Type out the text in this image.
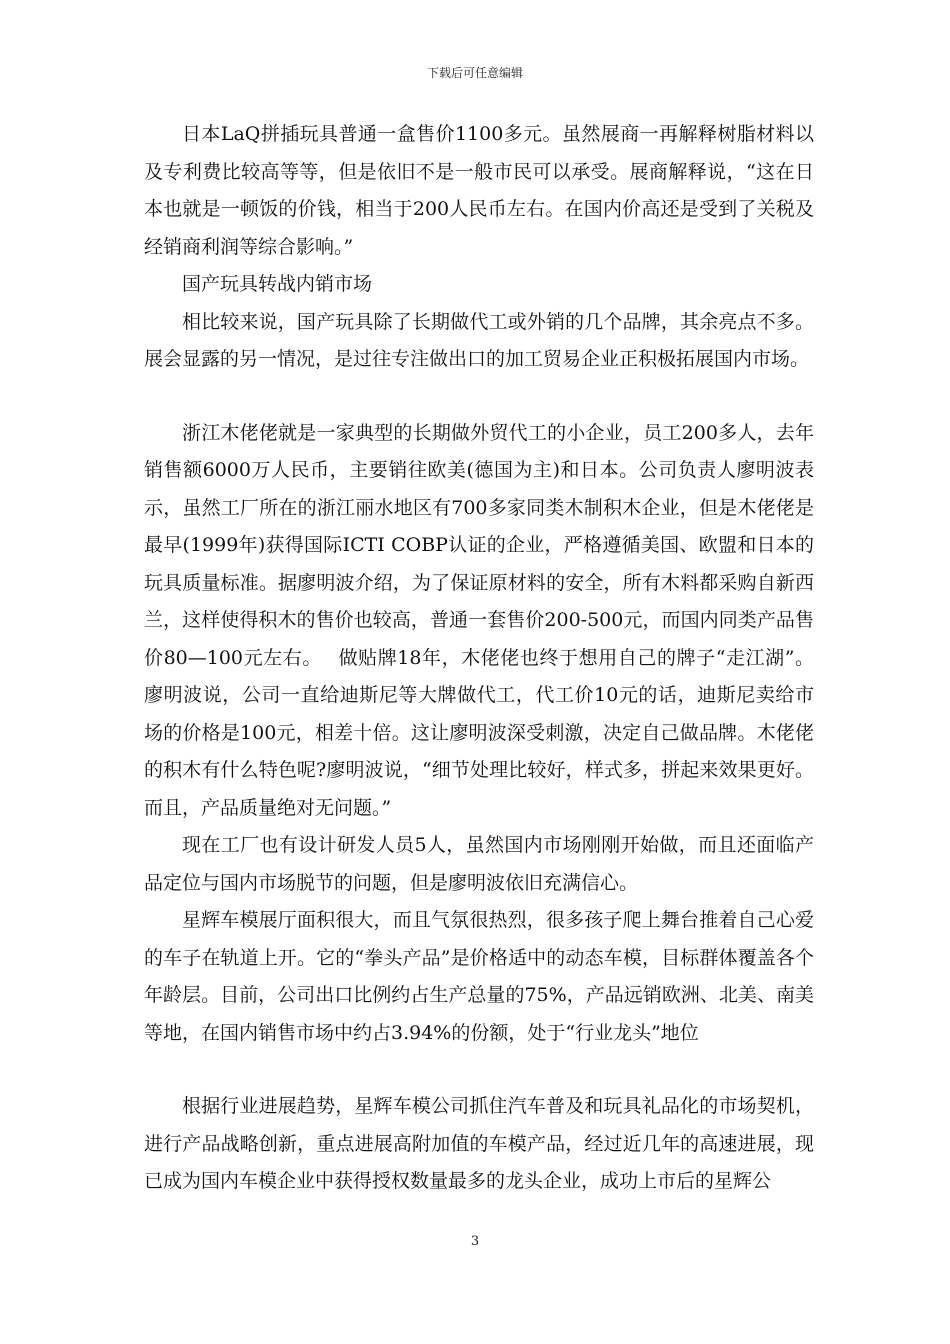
下载后可任意编辑

日本LaQ拼插玩具普通一盒售价1100多元。虽然展商一再解释树脂材料以及专利费比较高等等，但是依旧不是一般市民可以承受。展商解释说，“这在日本也就是一顿饭的价钱，相当于200人民币左右。在国内价高还是受到了关税及经销商利润等综合影响。”

国产玩具转战内销市场

相比较来说，国产玩具除了长期做代工或外销的几个品牌，其余亮点不多。展会显露的另一情况，是过往专注做出口的加工贸易企业正积极拓展国内市场。

浙江木佬佬就是一家典型的长期做外贸代工的小企业，员工200多人，去年销售额6000万人民币，主要销往欧美(德国为主)和日本。公司负责人廖明波表示，虽然工厂所在的浙江丽水地区有700多家同类木制积木企业，但是木佬佬是最早(1999年)获得国际ICTI COBP认证的企业，严格遵循美国、欧盟和日本的玩具质量标准。据廖明波介绍，为了保证原材料的安全，所有木料都采购自新西兰，这样使得积木的售价也较高，普通一套售价200-500元，而国内同类产品售价80—100元左右。　 做贴牌18年，木佬佬也终于想用自己的牌子“走江湖”。廖明波说，公司一直给迪斯尼等大牌做代工，代工价10元的话，迪斯尼卖给市场的价格是100元，相差十倍。这让廖明波深受刺激，决定自己做品牌。木佬佬的积木有什么特色呢?廖明波说，“细节处理比较好，样式多，拼起来效果更好。而且，产品质量绝对无问题。”

现在工厂也有设计研发人员5人，虽然国内市场刚刚开始做，而且还面临产品定位与国内市场脱节的问题，但是廖明波依旧充满信心。

星辉车模展厅面积很大，而且气氛很热烈，很多孩子爬上舞台推着自己心爱的车子在轨道上开。它的“拳头产品”是价格适中的动态车模，目标群体覆盖各个年龄层。目前，公司出口比例约占生产总量的75%，产品远销欧洲、北美、南美等地，在国内销售市场中约占3.94%的份额，处于“行业龙头”地位

根据行业进展趋势，星辉车模公司抓住汽车普及和玩具礼品化的市场契机，进行产品战略创新，重点进展高附加值的车模产品，经过近几年的高速进展，现已成为国内车模企业中获得授权数量最多的龙头企业，成功上市后的星辉公

3
